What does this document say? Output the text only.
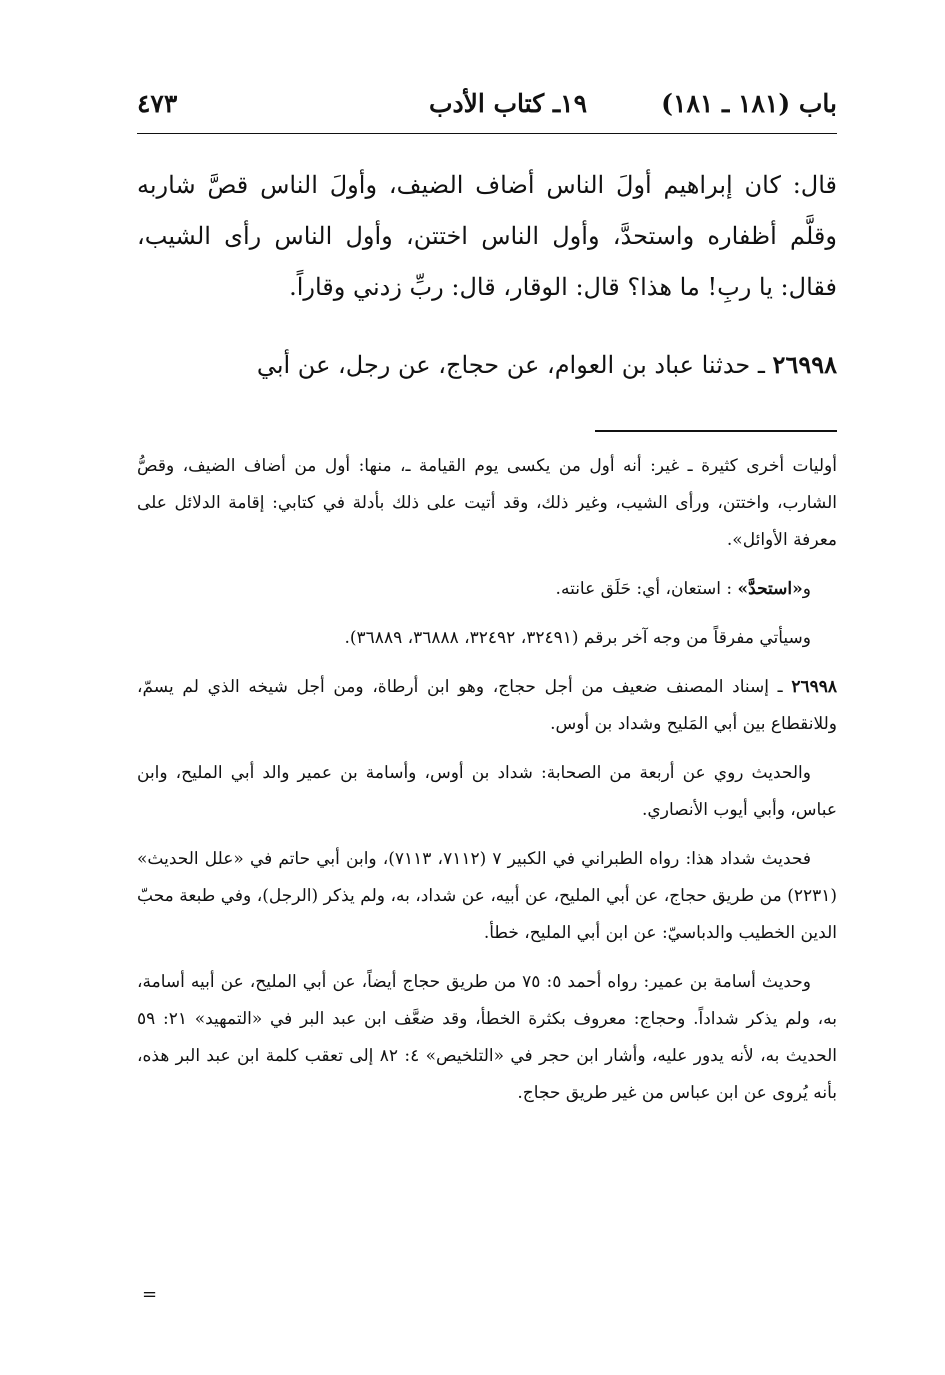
باب (١٨١ ـ ١٨١)
١٩ـ كتاب الأدب
٤٧٣

قال: كان إبراهيم أولَ الناس أضاف الضيف، وأولَ الناس قصَّ شاربه وقلَّم أظفاره واستحدَّ، وأول الناس اختتن، وأول الناس رأى الشيب، فقال: يا ربِ! ما هذا؟ قال: الوقار، قال: ربِّ زدني وقاراً.

٢٦٩٩٨ ـ حدثنا عباد بن العوام، عن حجاج، عن رجل، عن أبي

أوليات أخرى كثيرة ـ غير: أنه أول من يكسى يوم القيامة ـ، منها: أول من أضاف الضيف، وقصُّ الشارب، واختتن، ورأى الشيب، وغير ذلك، وقد أتيت على ذلك بأدلة في كتابي: إقامة الدلائل على معرفة الأوائل».

و«استحدَّ» : استعان، أي: حَلَق عانته.

وسيأتي مفرقاً من وجه آخر برقم (٣٢٤٩١، ٣٢٤٩٢، ٣٦٨٨٨، ٣٦٨٨٩).

٢٦٩٩٨ ـ إسناد المصنف ضعيف من أجل حجاج، وهو ابن أرطاة، ومن أجل شيخه الذي لم يسمّ، وللانقطاع بين أبي المَليح وشداد بن أوس.

والحديث روي عن أربعة من الصحابة: شداد بن أوس، وأسامة بن عمير والد أبي المليح، وابن عباس، وأبي أيوب الأنصاري.

فحديث شداد هذا: رواه الطبراني في الكبير ٧ (٧١١٢، ٧١١٣)، وابن أبي حاتم في «علل الحديث» (٢٢٣١) من طريق حجاج، عن أبي المليح، عن أبيه، عن شداد، به، ولم يذكر (الرجل)، وفي طبعة محبّ الدين الخطيب والدباسيّ: عن ابن أبي المليح، خطأ.

وحديث أسامة بن عمير: رواه أحمد ٥: ٧٥ من طريق حجاج أيضاً، عن أبي المليح، عن أبيه أسامة، به، ولم يذكر شداداً. وحجاج: معروف بكثرة الخطأ، وقد ضعَّف ابن عبد البر في «التمهيد» ٢١: ٥٩ الحديث به، لأنه يدور عليه، وأشار ابن حجر في «التلخيص» ٤: ٨٢ إلى تعقب كلمة ابن عبد البر هذه، بأنه يُروى عن ابن عباس من غير طريق حجاج.

=
